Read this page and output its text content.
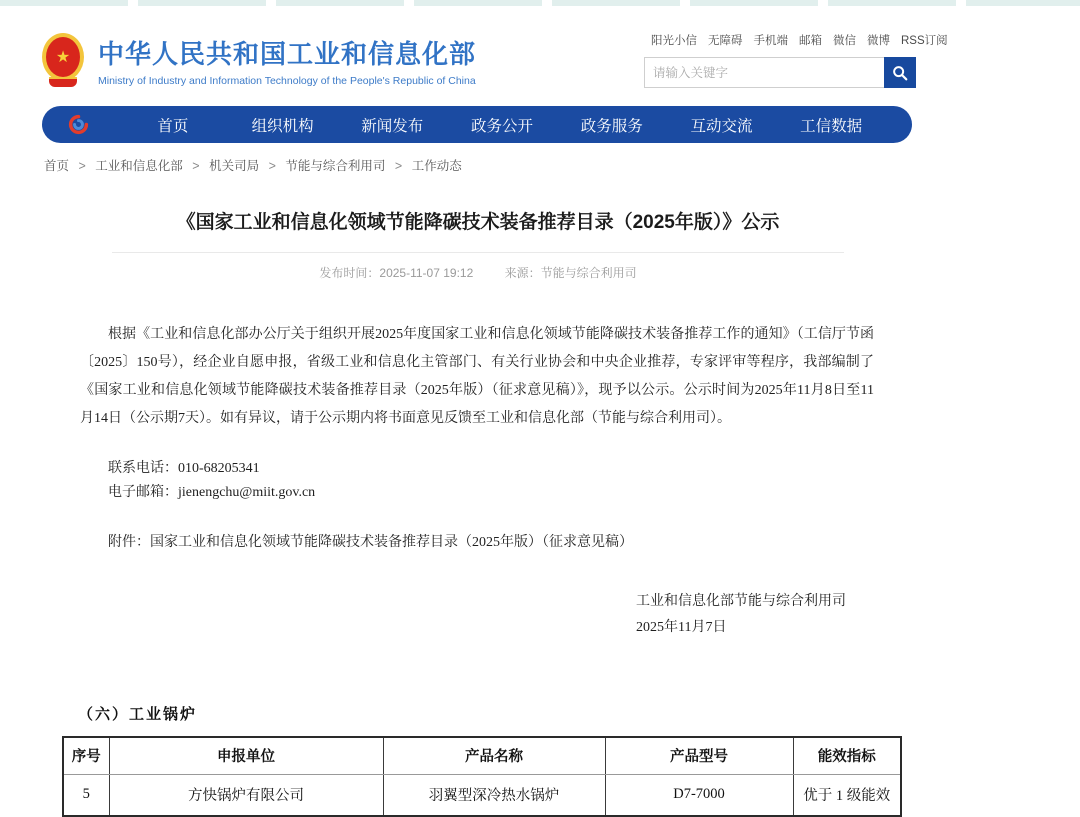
★	中华人民共和国工业和信息化部
Ministry of Industry and Information Technology of the People's Republic of China
阳光小信 无障碍 手机端 邮箱 微信 微博 RSS订阅
请输入关键字
首页	组织机构	新闻发布	政务公开	政务服务	互动交流	工信数据
首页 > 工业和信息化部 > 机关司局 > 节能与综合利用司 > 工作动态
《国家工业和信息化领域节能降碳技术装备推荐目录（2025年版）》公示
发布时间：2025-11-07 19:12	来源：节能与综合利用司

根据《工业和信息化部办公厅关于组织开展2025年度国家工业和信息化领域节能降碳技术装备推荐工作的通知》（工信厅节函〔2025〕150号），经企业自愿申报，省级工业和信息化主管部门、有关行业协会和中央企业推荐，专家评审等程序，我部编制了《国家工业和信息化领域节能降碳技术装备推荐目录（2025年版）（征求意见稿）》，现予以公示。公示时间为2025年11月8日至11月14日（公示期7天）。如有异议，请于公示期内将书面意见反馈至工业和信息化部（节能与综合利用司）。

联系电话：010-68205341
电子邮箱：jienengchu@miit.gov.cn
附件：国家工业和信息化领域节能降碳技术装备推荐目录（2025年版）（征求意见稿）
工业和信息化部节能与综合利用司
2025年11月7日
（六）工业锅炉
序号	申报单位	产品名称	产品型号	能效指标
5	方快锅炉有限公司	羽翼型深冷热水锅炉	D7-7000	优于 1 级能效
